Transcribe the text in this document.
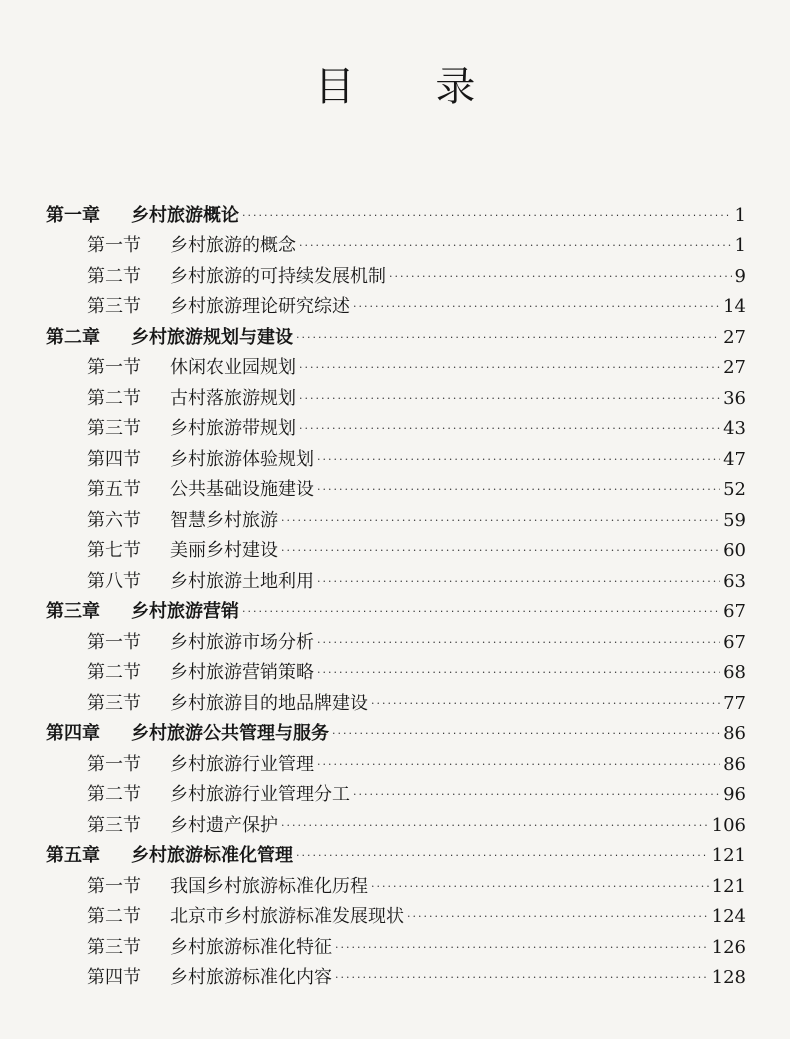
目 录
第一章	乡村旅游概论 ·····	1
第一节	乡村旅游的概念 ·····	1
第二节	乡村旅游的可持续发展机制 ·····	9
第三节	乡村旅游理论研究综述 ·····	14
第二章	乡村旅游规划与建设 ·····	27
第一节	休闲农业园规划 ·····	27
第二节	古村落旅游规划 ·····	36
第三节	乡村旅游带规划 ·····	43
第四节	乡村旅游体验规划 ·····	47
第五节	公共基础设施建设 ·····	52
第六节	智慧乡村旅游 ·····	59
第七节	美丽乡村建设 ·····	60
第八节	乡村旅游土地利用 ·····	63
第三章	乡村旅游营销 ·····	67
第一节	乡村旅游市场分析 ·····	67
第二节	乡村旅游营销策略 ·····	68
第三节	乡村旅游目的地品牌建设 ·····	77
第四章	乡村旅游公共管理与服务 ·····	86
第一节	乡村旅游行业管理 ·····	86
第二节	乡村旅游行业管理分工 ·····	96
第三节	乡村遗产保护 ·····	106
第五章	乡村旅游标准化管理 ·····	121
第一节	我国乡村旅游标准化历程 ·····	121
第二节	北京市乡村旅游标准发展现状 ·····	124
第三节	乡村旅游标准化特征 ·····	126
第四节	乡村旅游标准化内容 ·····	128
